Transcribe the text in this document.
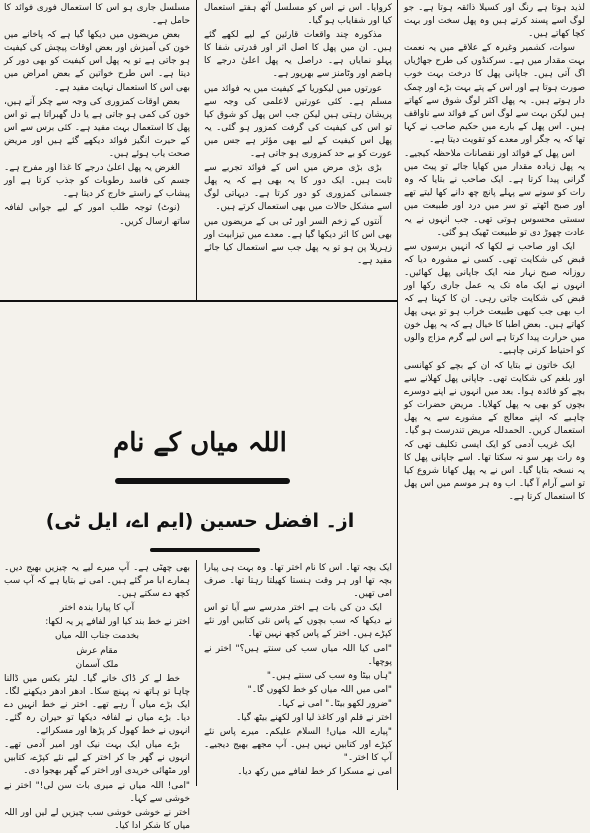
لذید ہوتا ہے رنگ اور کسیلا ذائقہ ہوتا ہے۔ جو لوگ اسے پسند کرتے ہیں وہ پھل سخت اور بہت کچا کھاتے ہیں۔

سوات، کشمیر وغیرہ کے علاقے میں یہ نعمت بہت مقدار میں ہے۔ سرکنڈوں کی طرح جھاڑیاں اگ آتی ہیں۔ جاپانی پھل کا درخت بہت خوب صورت ہوتا ہے اور اس کے پتے بہت بڑے اور چمک دار ہوتے ہیں۔ یہ پھل اکثر لوگ شوق سے کھاتے ہیں لیکن بہت سے لوگ اس کے فوائد سے ناواقف ہیں۔ اس پھل کے بارے میں حکیم صاحب نے کہا تھا کہ یہ جگر اور معدے کو تقویت دیتا ہے۔

اس پھل کے فوائد اور نقصانات ملاحظہ کیجیے۔ یہ پھل زیادہ مقدار میں کھایا جائے تو پیٹ میں گرانی پیدا کرتا ہے۔ ایک صاحب نے بتایا کہ وہ رات کو سونے سے پہلے پانچ چھ دانے کھا لیتے تھے اور صبح اٹھتے تو سر میں درد اور طبیعت میں سستی محسوس ہوتی تھی۔ جب انہوں نے یہ عادت چھوڑ دی تو طبیعت ٹھیک ہو گئی۔

ایک اور صاحب نے لکھا کہ انہیں برسوں سے قبض کی شکایت تھی۔ کسی نے مشورہ دیا کہ روزانہ صبح نہار منہ ایک جاپانی پھل کھائیں۔ انہوں نے ایک ماہ تک یہ عمل جاری رکھا اور قبض کی شکایت جاتی رہی۔ ان کا کہنا ہے کہ اب بھی جب کبھی طبیعت خراب ہو تو یہی پھل کھاتے ہیں۔ بعض اطبا کا خیال ہے کہ یہ پھل خون میں حرارت پیدا کرتا ہے اس لیے گرم مزاج والوں کو احتیاط کرنی چاہیے۔

ایک خاتون نے بتایا کہ ان کے بچے کو کھانسی اور بلغم کی شکایت تھی۔ جاپانی پھل کھلانے سے بچے کو فائدہ ہوا۔ بعد میں انہوں نے اپنے دوسرے بچوں کو بھی یہ پھل کھلایا۔ مریض حضرات کو چاہیے کہ اپنے معالج کے مشورے سے یہ پھل استعمال کریں۔ الحمدللہ مریض تندرست ہو گیا۔

ایک غریب آدمی کو ایک ایسی تکلیف تھی کہ وہ رات بھر سو نہ سکتا تھا۔ اسے جاپانی پھل کا یہ نسخہ بتایا گیا۔ اس نے یہ پھل کھانا شروع کیا تو اسے آرام آ گیا۔ اب وہ ہر موسم میں اس پھل کا استعمال کرتا ہے۔

کروایا۔ اس نے اس کو مسلسل آٹھ ہفتے استعمال کیا اور شفایاب ہو گیا۔

مذکورہ چند واقعات قارئین کے لیے لکھے گئے ہیں۔ ان میں پھل کا اصل اثر اور قدرتی شفا کا پہلو نمایاں ہے۔ دراصل یہ پھل اعلیٰ درجے کا ہاضم اور وٹامنز سے بھرپور ہے۔

عورتوں میں لیکوریا کے کیفیت میں یہ فوائد میں مسلم ہے۔ کئی عورتیں لاعلمی کی وجہ سے پریشان رہتی ہیں لیکن جب اس پھل کو شوق کیا تو اس کی کیفیت کی گرفت کمزور ہو گئی۔ یہ پھل اس کیفیت کے لیے بھی مؤثر ہے جس میں عورت کو بے حد کمزوری ہو جاتی ہے۔

بڑی بڑی مرض میں اس کے فوائد تجربے سے ثابت ہیں۔ ایک دور کا یہ بھی ہے کہ یہ پھل جسمانی کمزوری کو دور کرتا ہے۔ دیہاتی لوگ اسے مشکل حالات میں بھی استعمال کرتے ہیں۔

آنتوں کے زخم السر اور ٹی بی کے مریضوں میں بھی اس کا اثر دیکھا گیا ہے۔ معدے میں تیزابیت اور زہریلا پن ہو تو یہ پھل جب سے استعمال کیا جائے مفید ہے۔

مسلسل جاری ہو اس کا استعمال فوری فوائد کا حامل ہے۔

بعض مریضوں میں دیکھا گیا ہے کہ پاخانے میں خون کی آمیزش اور بعض اوقات پیچش کی کیفیت ہو جاتی ہے تو یہ پھل اس کیفیت کو بھی دور کر دیتا ہے۔ اس طرح خواتین کے بعض امراض میں بھی اس کا استعمال نہایت مفید ہے۔

بعض اوقات کمزوری کی وجہ سے چکر آتے ہیں، خون کی کمی ہو جاتی ہے یا دل گھبراتا ہے تو اس پھل کا استعمال بہت مفید ہے۔ کئی برس سے اس کے حیرت انگیز فوائد دیکھے گئے ہیں اور مریض صحت یاب ہوئے ہیں۔

الغرض یہ پھل اعلیٰ درجے کا غذا اور مفرح ہے۔ جسم کی فاسد رطوبات کو جذب کرتا ہے اور پیشاب کے راستے خارج کر دیتا ہے۔

(نوٹ) توجہ طلب امور کے لیے جوابی لفافہ ساتھ ارسال کریں۔

اللہ میاں کے نام
از۔ افضل حسین (ایم اے، ایل ٹی)

ایک بچہ تھا۔ اس کا نام اختر تھا۔ وہ بہت ہی پیارا بچہ تھا اور ہر وقت ہنستا کھیلتا رہتا تھا۔ صرف امی تھیں۔

ایک دن کی بات ہے اختر مدرسے سے آیا تو اس نے دیکھا کہ سب بچوں کے پاس نئی کتابیں اور نئے کپڑے ہیں۔ اختر کے پاس کچھ نہیں تھا۔

"امی کیا اللہ میاں سب کی سنتے ہیں؟" اختر نے پوچھا۔

"ہاں بیٹا وہ سب کی سنتے ہیں۔"

"امی میں اللہ میاں کو خط لکھوں گا۔"

"ضرور لکھو بیٹا۔" امی نے کہا۔

اختر نے قلم اور کاغذ لیا اور لکھنے بیٹھ گیا۔

"پیارے اللہ میاں! السلام علیکم۔ میرے پاس نئے کپڑے اور کتابیں نہیں ہیں۔ آپ مجھے بھیج دیجیے۔ آپ کا اختر۔"

امی نے مسکرا کر خط لفافے میں رکھ دیا۔

بھی چھٹی ہے۔ آپ میرے لیے یہ چیزیں بھیج دیں۔ ہمارے ابا مر گئے ہیں۔ امی نے بتایا ہے کہ آپ سب کچھ دے سکتے ہیں۔

آپ کا پیارا بندہ اختر

اختر نے خط بند کیا اور لفافے پر یہ لکھا:

بخدمت جناب اللہ میاں

مقام عرش

ملک آسمان

خط لے کر ڈاک خانے گیا۔ لیٹر بکس میں ڈالنا چاہا تو ہاتھ نہ پہنچ سکا۔ ادھر ادھر دیکھنے لگا۔ ایک بڑے میاں آ رہے تھے۔ اختر نے خط انہیں دے دیا۔ بڑے میاں نے لفافہ دیکھا تو حیران رہ گئے۔ انہوں نے خط کھول کر پڑھا اور مسکرائے۔

بڑے میاں ایک بہت نیک اور امیر آدمی تھے۔ انہوں نے گھر جا کر اختر کے لیے نئے کپڑے، کتابیں اور مٹھائی خریدی اور اختر کے گھر بھجوا دی۔

"امی! اللہ میاں نے میری بات سن لی!" اختر نے خوشی سے کہا۔

اختر نے خوشی خوشی سب چیزیں لے لیں اور اللہ میاں کا شکر ادا کیا۔
